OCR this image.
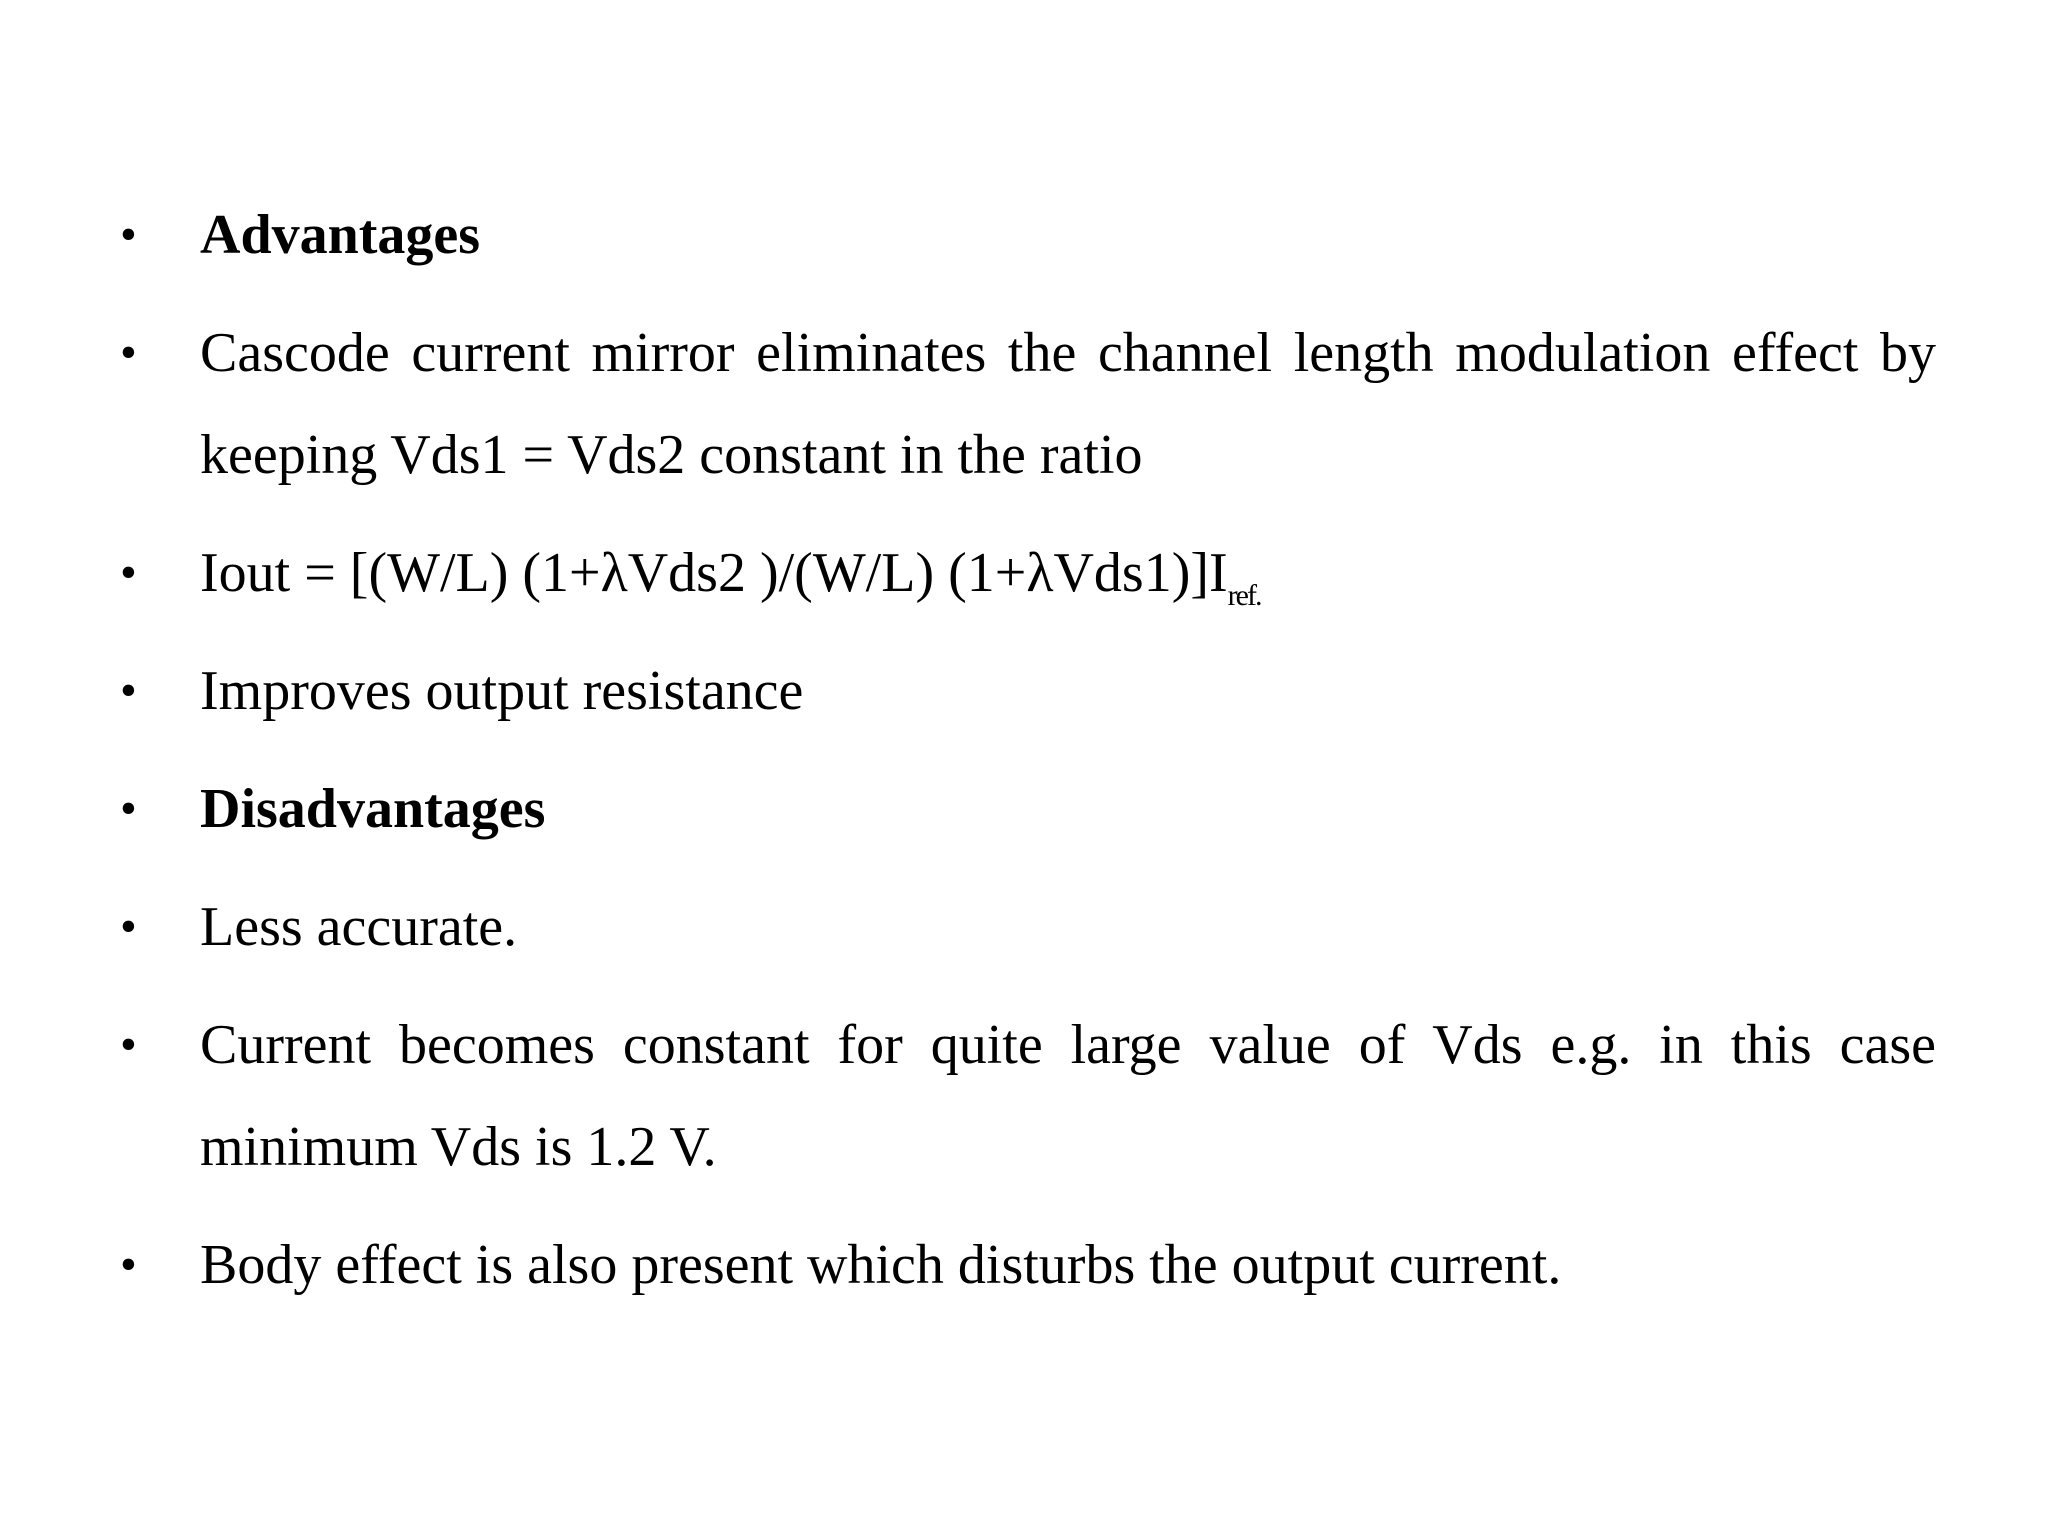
• Advantages
• Cascode current mirror eliminates the channel length modulation effect by keeping Vds1 = Vds2 constant in the ratio
• Iout = [(W/L) (1+λVds2 )/(W/L) $(1+\lambda Vds1)]I_{ref.}$
• Improves output resistance
• Disadvantages
• Less accurate.
• Current becomes constant for quite large value of Vds e.g. in this case minimum Vds is 1.2 V.
• Body effect is also present which disturbs the output current.
